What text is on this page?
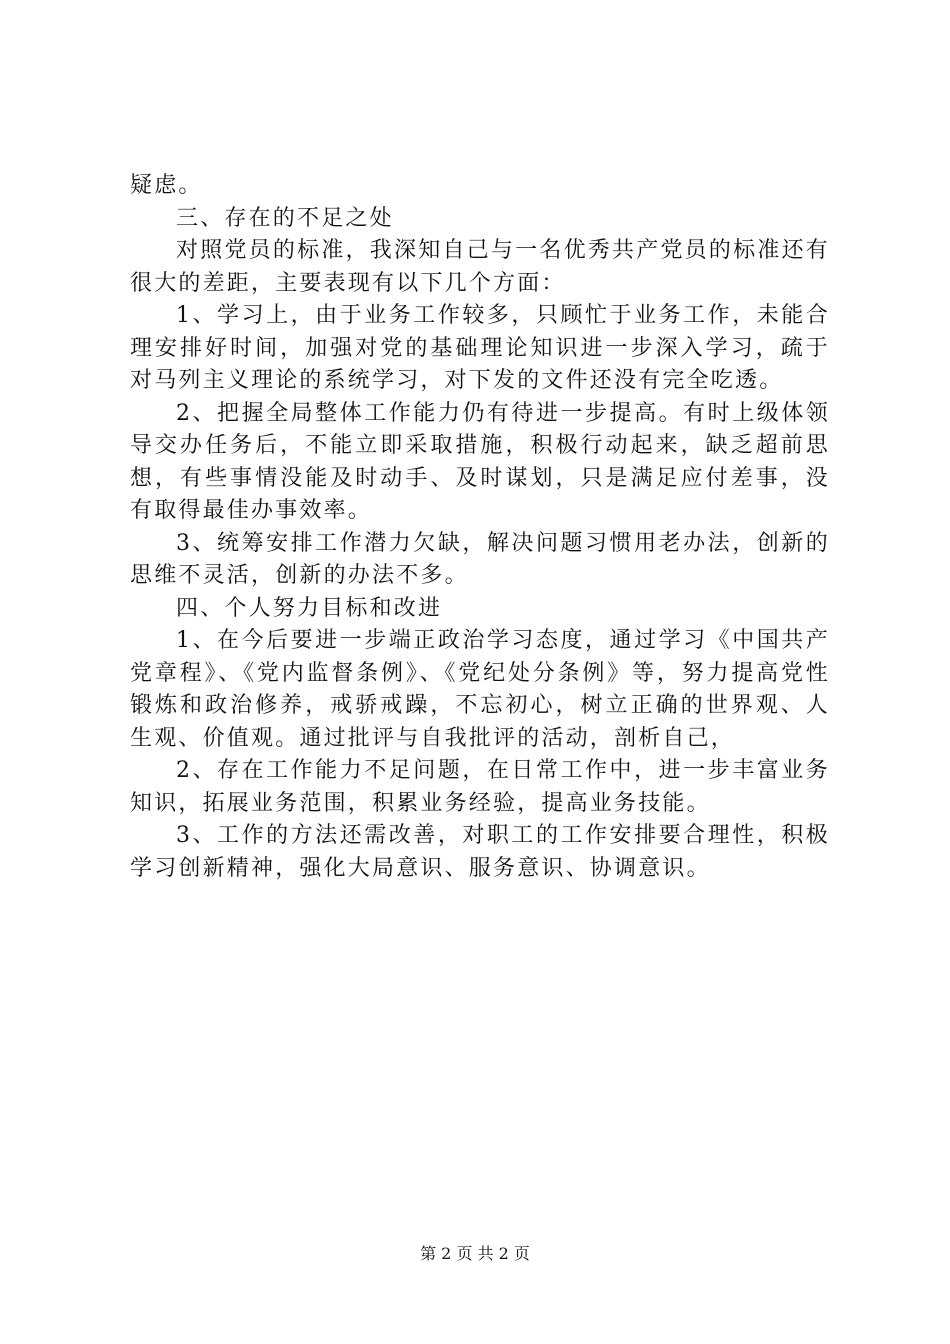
疑虑。

三、存在的不足之处

对照党员的标准，我深知自己与一名优秀共产党员的标准还有很大的差距，主要表现有以下几个方面：

1、学习上，由于业务工作较多，只顾忙于业务工作，未能合理安排好时间，加强对党的基础理论知识进一步深入学习，疏于对马列主义理论的系统学习，对下发的文件还没有完全吃透。

2、把握全局整体工作能力仍有待进一步提高。有时上级体领导交办任务后，不能立即采取措施，积极行动起来，缺乏超前思想，有些事情没能及时动手、及时谋划，只是满足应付差事，没有取得最佳办事效率。

3、统筹安排工作潜力欠缺，解决问题习惯用老办法，创新的思维不灵活，创新的办法不多。

四、个人努力目标和改进

1、在今后要进一步端正政治学习态度，通过学习《中国共产党章程》、《党内监督条例》、《党纪处分条例》等，努力提高党性锻炼和政治修养，戒骄戒躁，不忘初心，树立正确的世界观、人生观、价值观。通过批评与自我批评的活动，剖析自己，

2、存在工作能力不足问题，在日常工作中，进一步丰富业务知识，拓展业务范围，积累业务经验，提高业务技能。

3、工作的方法还需改善，对职工的工作安排要合理性，积极学习创新精神，强化大局意识、服务意识、协调意识。

第 2 页 共 2 页
